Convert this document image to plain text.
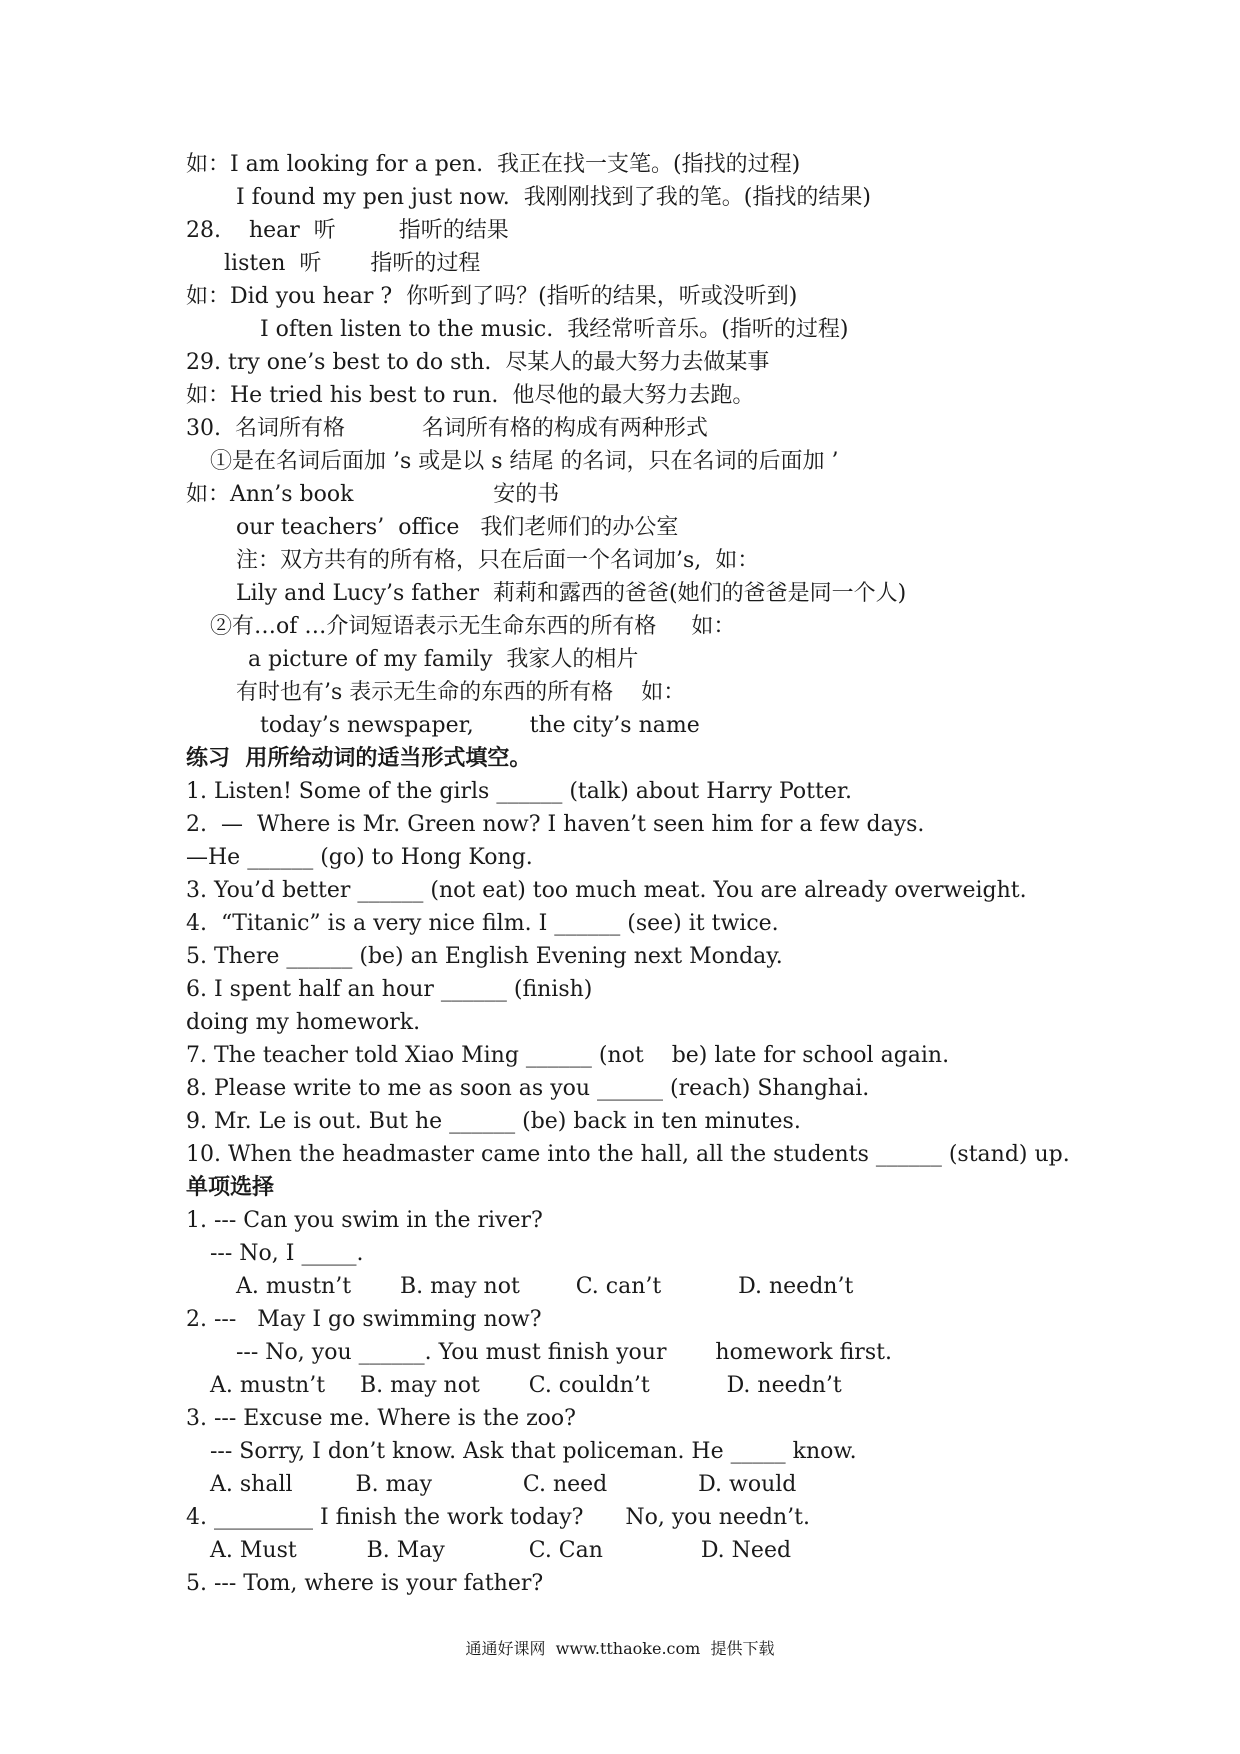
如：I am looking for a pen.  我正在找一支笔。(指找的过程)
I found my pen just now.  我刚刚找到了我的笔。(指找的结果)
28.    hear  听         指听的结果
listen  听       指听的过程
如：Did you hear ?  你听到了吗？(指听的结果，听或没听到)
I often listen to the music.  我经常听音乐。(指听的过程)
29. try one’s best to do sth.  尽某人的最大努力去做某事
如：He tried his best to run.  他尽他的最大努力去跑。
30.  名词所有格           名词所有格的构成有两种形式
①是在名词后面加 ’s 或是以 s 结尾 的名词，只在名词的后面加 ’
如：Ann’s book                    安的书
our teachers’  office   我们老师们的办公室
注：双方共有的所有格，只在后面一个名词加’s,  如：
Lily and Lucy’s father  莉莉和露西的爸爸(她们的爸爸是同一个人)
②有…of …介词短语表示无生命东西的所有格     如：
a picture of my family  我家人的相片
有时也有’s 表示无生命的东西的所有格    如：
today’s newspaper,        the city’s name
练习  用所给动词的适当形式填空。
1. Listen! Some of the girls ______ (talk) about Harry Potter.
2.  —  Where is Mr. Green now? I haven’t seen him for a few days.
—He ______ (go) to Hong Kong.
3. You’d better ______ (not eat) too much meat. You are already overweight.
4.  “Titanic” is a very nice film. I ______ (see) it twice.
5. There ______ (be) an English Evening next Monday.
6. I spent half an hour ______ (finish)
doing my homework.
7. The teacher told Xiao Ming ______ (not    be) late for school again.
8. Please write to me as soon as you ______ (reach) Shanghai.
9. Mr. Le is out. But he ______ (be) back in ten minutes.
10. When the headmaster came into the hall, all the students ______ (stand) up.
单项选择
1. --- Can you swim in the river?
--- No, I _____.
A. mustn’t       B. may not        C. can’t           D. needn’t
2. ---   May I go swimming now?
--- No, you ______. You must finish your       homework first.
A. mustn’t     B. may not       C. couldn’t           D. needn’t
3. --- Excuse me. Where is the zoo?
--- Sorry, I don’t know. Ask that policeman. He _____ know.
A. shall         B. may             C. need             D. would
4. _________ I finish the work today?      No, you needn’t.
A. Must          B. May            C. Can              D. Need
5. --- Tom, where is your father?
通通好课网  www.tthaoke.com  提供下载
